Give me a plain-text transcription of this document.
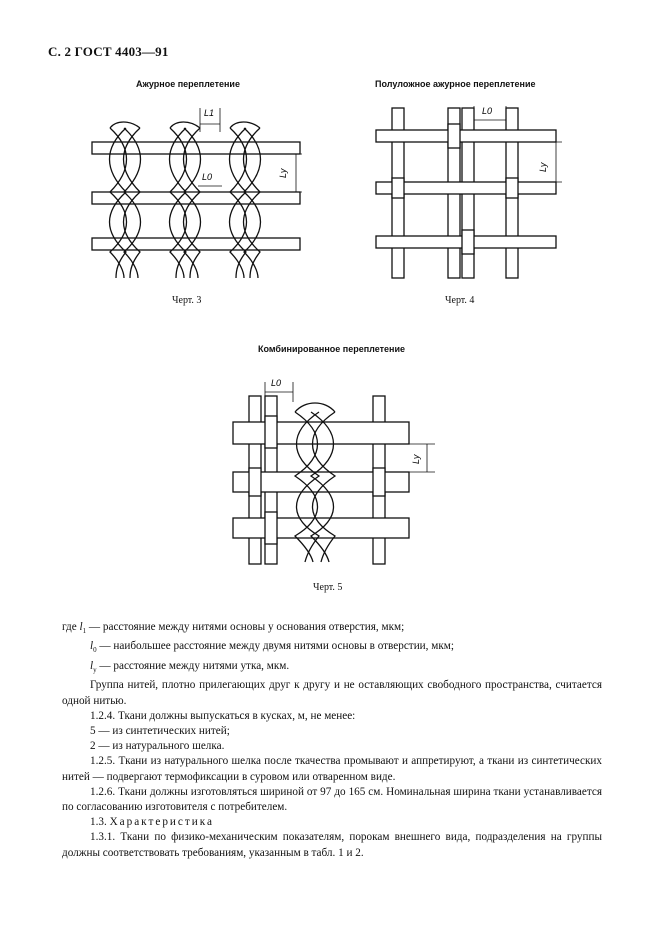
С. 2 ГОСТ 4403—91
Ажурное переплетение
L1
L0	Ly
Черт. 3
Полуложное ажурное переплетение
L0
Ly
Черт. 4
Комбинированное переплетение
L0
Ly
Черт. 5

где $l_1$ — расстояние между нитями основы у основания отверстия, мкм;

$l_0$ — наибольшее расстояние между двумя нитями основы в отверстии, мкм;

$l_y$ — расстояние между нитями утка, мкм.

Группа нитей, плотно прилегающих друг к другу и не оставляющих свободного пространства, считается одной нитью.

1.2.4. Ткани должны выпускаться в кусках, м, не менее:

5 — из синтетических нитей;

2 — из натурального шелка.

1.2.5. Ткани из натурального шелка после ткачества промывают и аппретируют, а ткани из синтетических нитей — подвергают термофиксации в суровом или отваренном виде.

1.2.6. Ткани должны изготовляться шириной от 97 до 165 см. Номинальная ширина ткани устанавливается по согласованию изготовителя с потребителем.

1.3. Характеристика

1.3.1. Ткани по физико-механическим показателям, порокам внешнего вида, подразделения на группы должны соответствовать требованиям, указанным в табл. 1 и 2.
